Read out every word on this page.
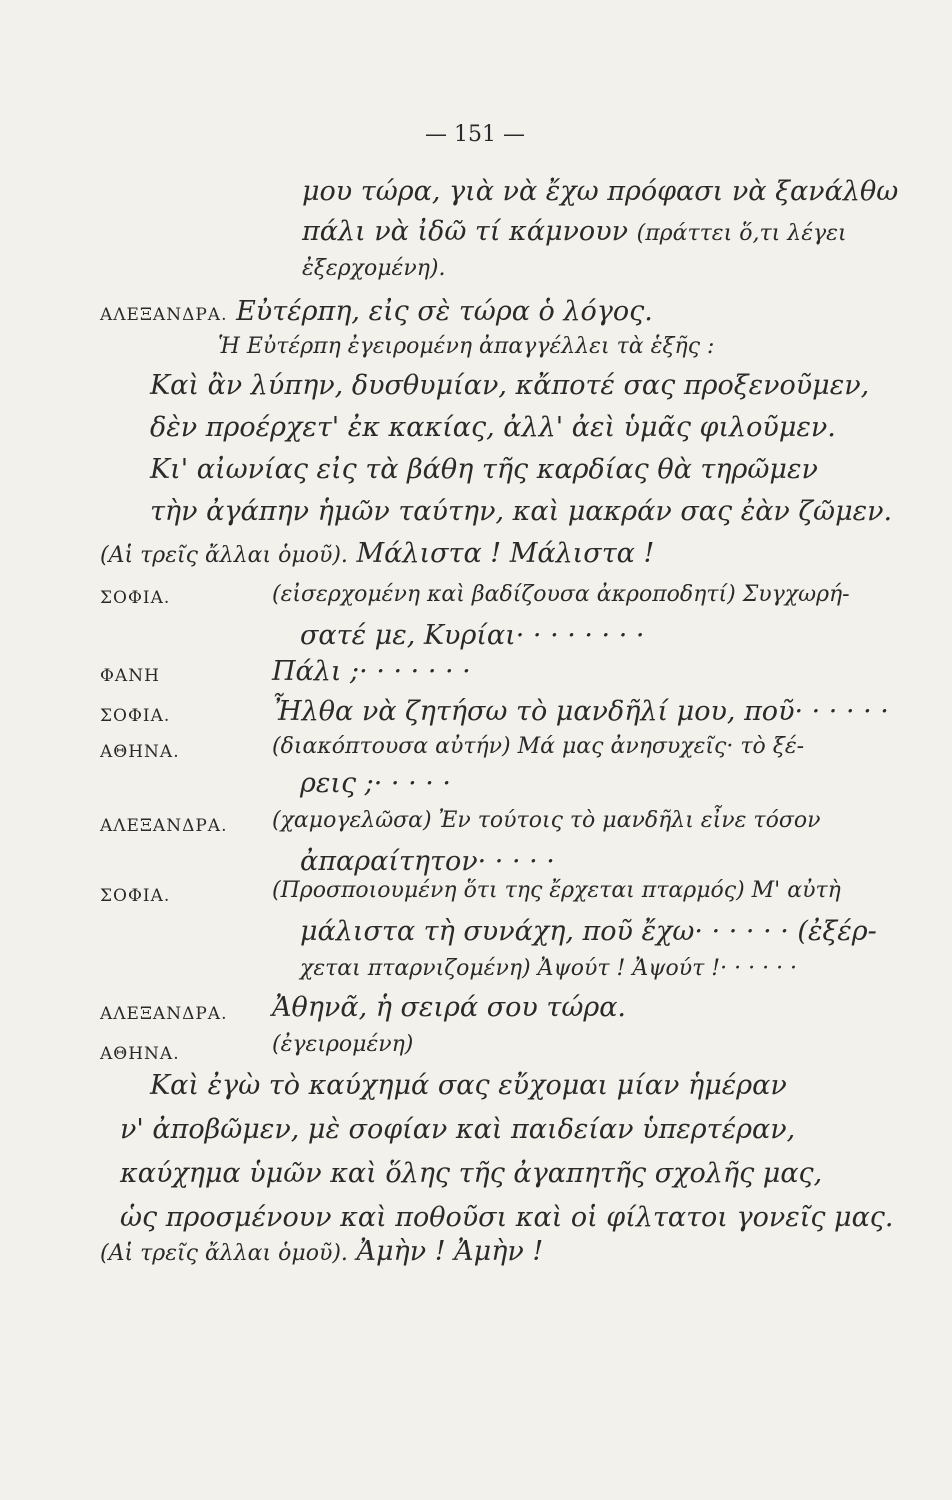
— 151 —
μου τώρα, γιὰ νὰ ἔχω πρόφασι νὰ ξανάλθω
πάλι νὰ ἰδῶ τί κάμνουν (πράττει ὅ,τι λέγει
ἐξερχομένη).
ΑΛΕΞΑΝΔΡΑ. Εὐτέρπη, εἰς σὲ τώρα ὁ λόγος.
Ἡ Εὐτέρπη ἐγειρομένη ἀπαγγέλλει τὰ ἑξῆς :
Καὶ ἂν λύπην, δυσθυμίαν, κἄποτέ σας προξενοῦμεν,
δὲν προέρχετ' ἐκ κακίας, ἀλλ' ἀεὶ ὑμᾶς φιλοῦμεν.
Κι' αἰωνίας εἰς τὰ βάθη τῆς καρδίας θὰ τηρῶμεν
τὴν ἀγάπην ἡμῶν ταύτην, καὶ μακράν σας ἐὰν ζῶμεν.
(Αἱ τρεῖς ἄλλαι ὁμοῦ). Μάλιστα ! Μάλιστα !
ΣΟΦΙΑ.	(εἰσερχομένη καὶ βαδίζουσα ἀκροποδητί) Συγχωρή-
σατέ με, Κυρίαι· · · · · · · ·
ΦΑΝΗ	Πάλι ;· · · · · · ·
ΣΟΦΙΑ.	Ἦλθα νὰ ζητήσω τὸ μανδῆλί μου, ποῦ· · · · · ·
ΑΘΗΝΑ.	(διακόπτουσα αὐτήν) Μά μας ἀνησυχεῖς· τὸ ξέ-
ρεις ;· · · · ·
ΑΛΕΞΑΝΔΡΑ. (χαμογελῶσα) Ἐν τούτοις τὸ μανδῆλι εἶνε τόσον
ἀπαραίτητον· · · · ·
ΣΟΦΙΑ.	(Προσποιουμένη ὅτι της ἔρχεται πταρμός) Μ' αὐτὴ
μάλιστα τὴ συνάχη, ποῦ ἔχω· · · · · · (ἐξέρ-
χεται πταρνιζομένη) Ἀψούτ ! Ἀψούτ !· · · · · ·
ΑΛΕΞΑΝΔΡΑ. Ἀθηνᾶ, ἡ σειρά σου τώρα.
ΑΘΗΝΑ.	(ἐγειρομένη)
Καὶ ἐγὼ τὸ καύχημά σας εὔχομαι μίαν ἡμέραν
ν' ἀποβῶμεν, μὲ σοφίαν καὶ παιδείαν ὑπερτέραν,
καύχημα ὑμῶν καὶ ὅλης τῆς ἀγαπητῆς σχολῆς μας,
ὡς προσμένουν καὶ ποθοῦσι καὶ οἱ φίλτατοι γονεῖς μας.
(Αἱ τρεῖς ἄλλαι ὁμοῦ). Ἀμὴν ! Ἀμὴν !
